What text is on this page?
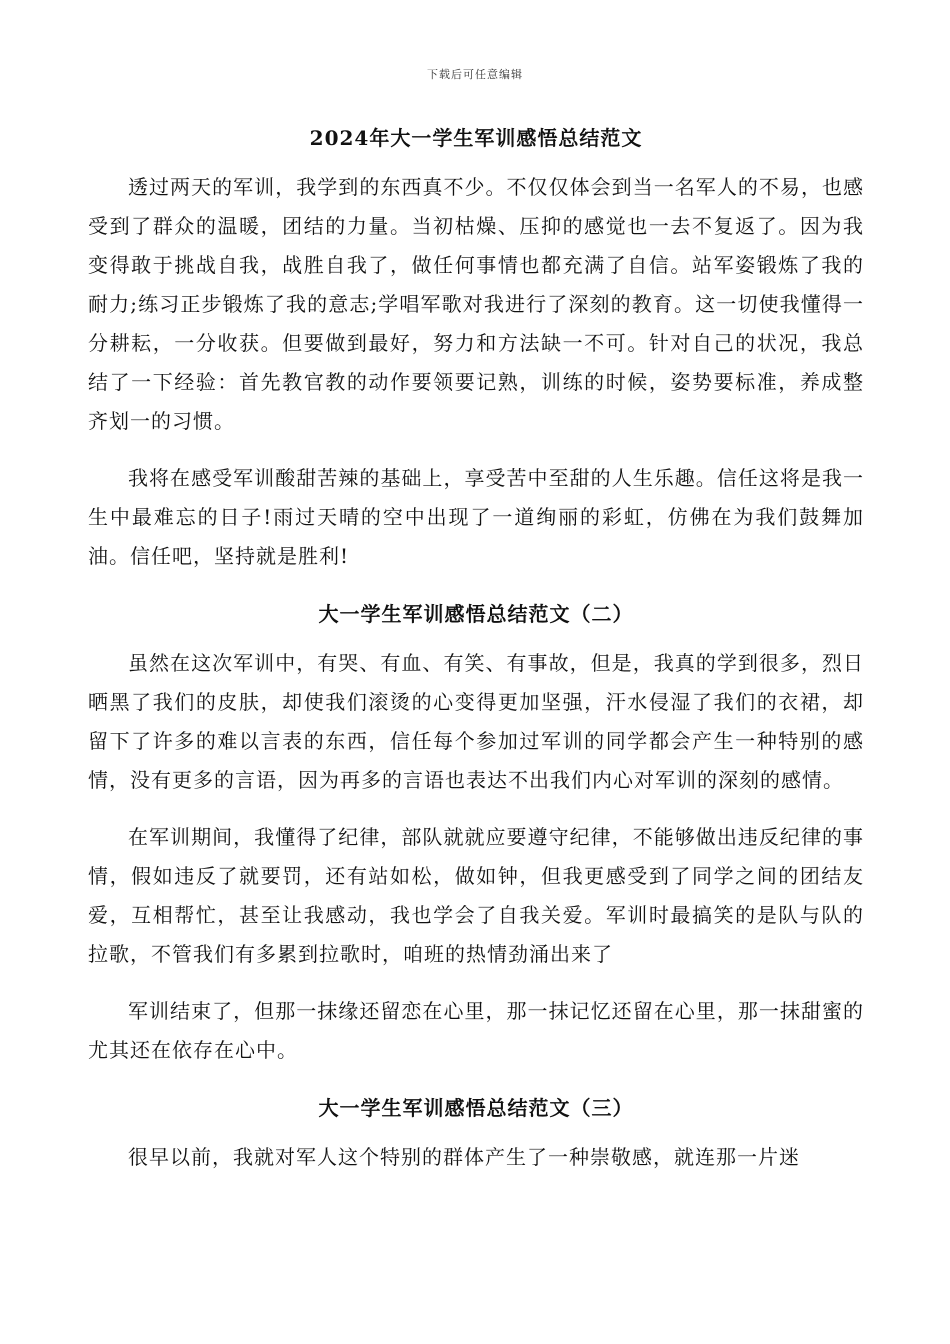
下载后可任意编辑
2024年大一学生军训感悟总结范文

透过两天的军训，我学到的东西真不少。不仅仅体会到当一名军人的不易，也感受到了群众的温暖，团结的力量。当初枯燥、压抑的感觉也一去不复返了。因为我变得敢于挑战自我，战胜自我了，做任何事情也都充满了自信。站军姿锻炼了我的耐力;练习正步锻炼了我的意志;学唱军歌对我进行了深刻的教育。这一切使我懂得一分耕耘，一分收获。但要做到最好，努力和方法缺一不可。针对自己的状况，我总结了一下经验：首先教官教的动作要领要记熟，训练的时候，姿势要标准，养成整齐划一的习惯。

我将在感受军训酸甜苦辣的基础上，享受苦中至甜的人生乐趣。信任这将是我一生中最难忘的日子!雨过天晴的空中出现了一道绚丽的彩虹，仿佛在为我们鼓舞加油。信任吧，坚持就是胜利!

大一学生军训感悟总结范文（二）

虽然在这次军训中，有哭、有血、有笑、有事故，但是，我真的学到很多，烈日晒黑了我们的皮肤，却使我们滚烫的心变得更加坚强，汗水侵湿了我们的衣裙，却留下了许多的难以言表的东西，信任每个参加过军训的同学都会产生一种特别的感情，没有更多的言语，因为再多的言语也表达不出我们内心对军训的深刻的感情。

在军训期间，我懂得了纪律，部队就就应要遵守纪律，不能够做出违反纪律的事情，假如违反了就要罚，还有站如松，做如钟，但我更感受到了同学之间的团结友爱，互相帮忙，甚至让我感动，我也学会了自我关爱。军训时最搞笑的是队与队的拉歌，不管我们有多累到拉歌时，咱班的热情劲涌出来了

军训结束了，但那一抹缘还留恋在心里，那一抹记忆还留在心里，那一抹甜蜜的尤其还在依存在心中。

大一学生军训感悟总结范文（三）

很早以前，我就对军人这个特别的群体产生了一种崇敬感，就连那一片迷
